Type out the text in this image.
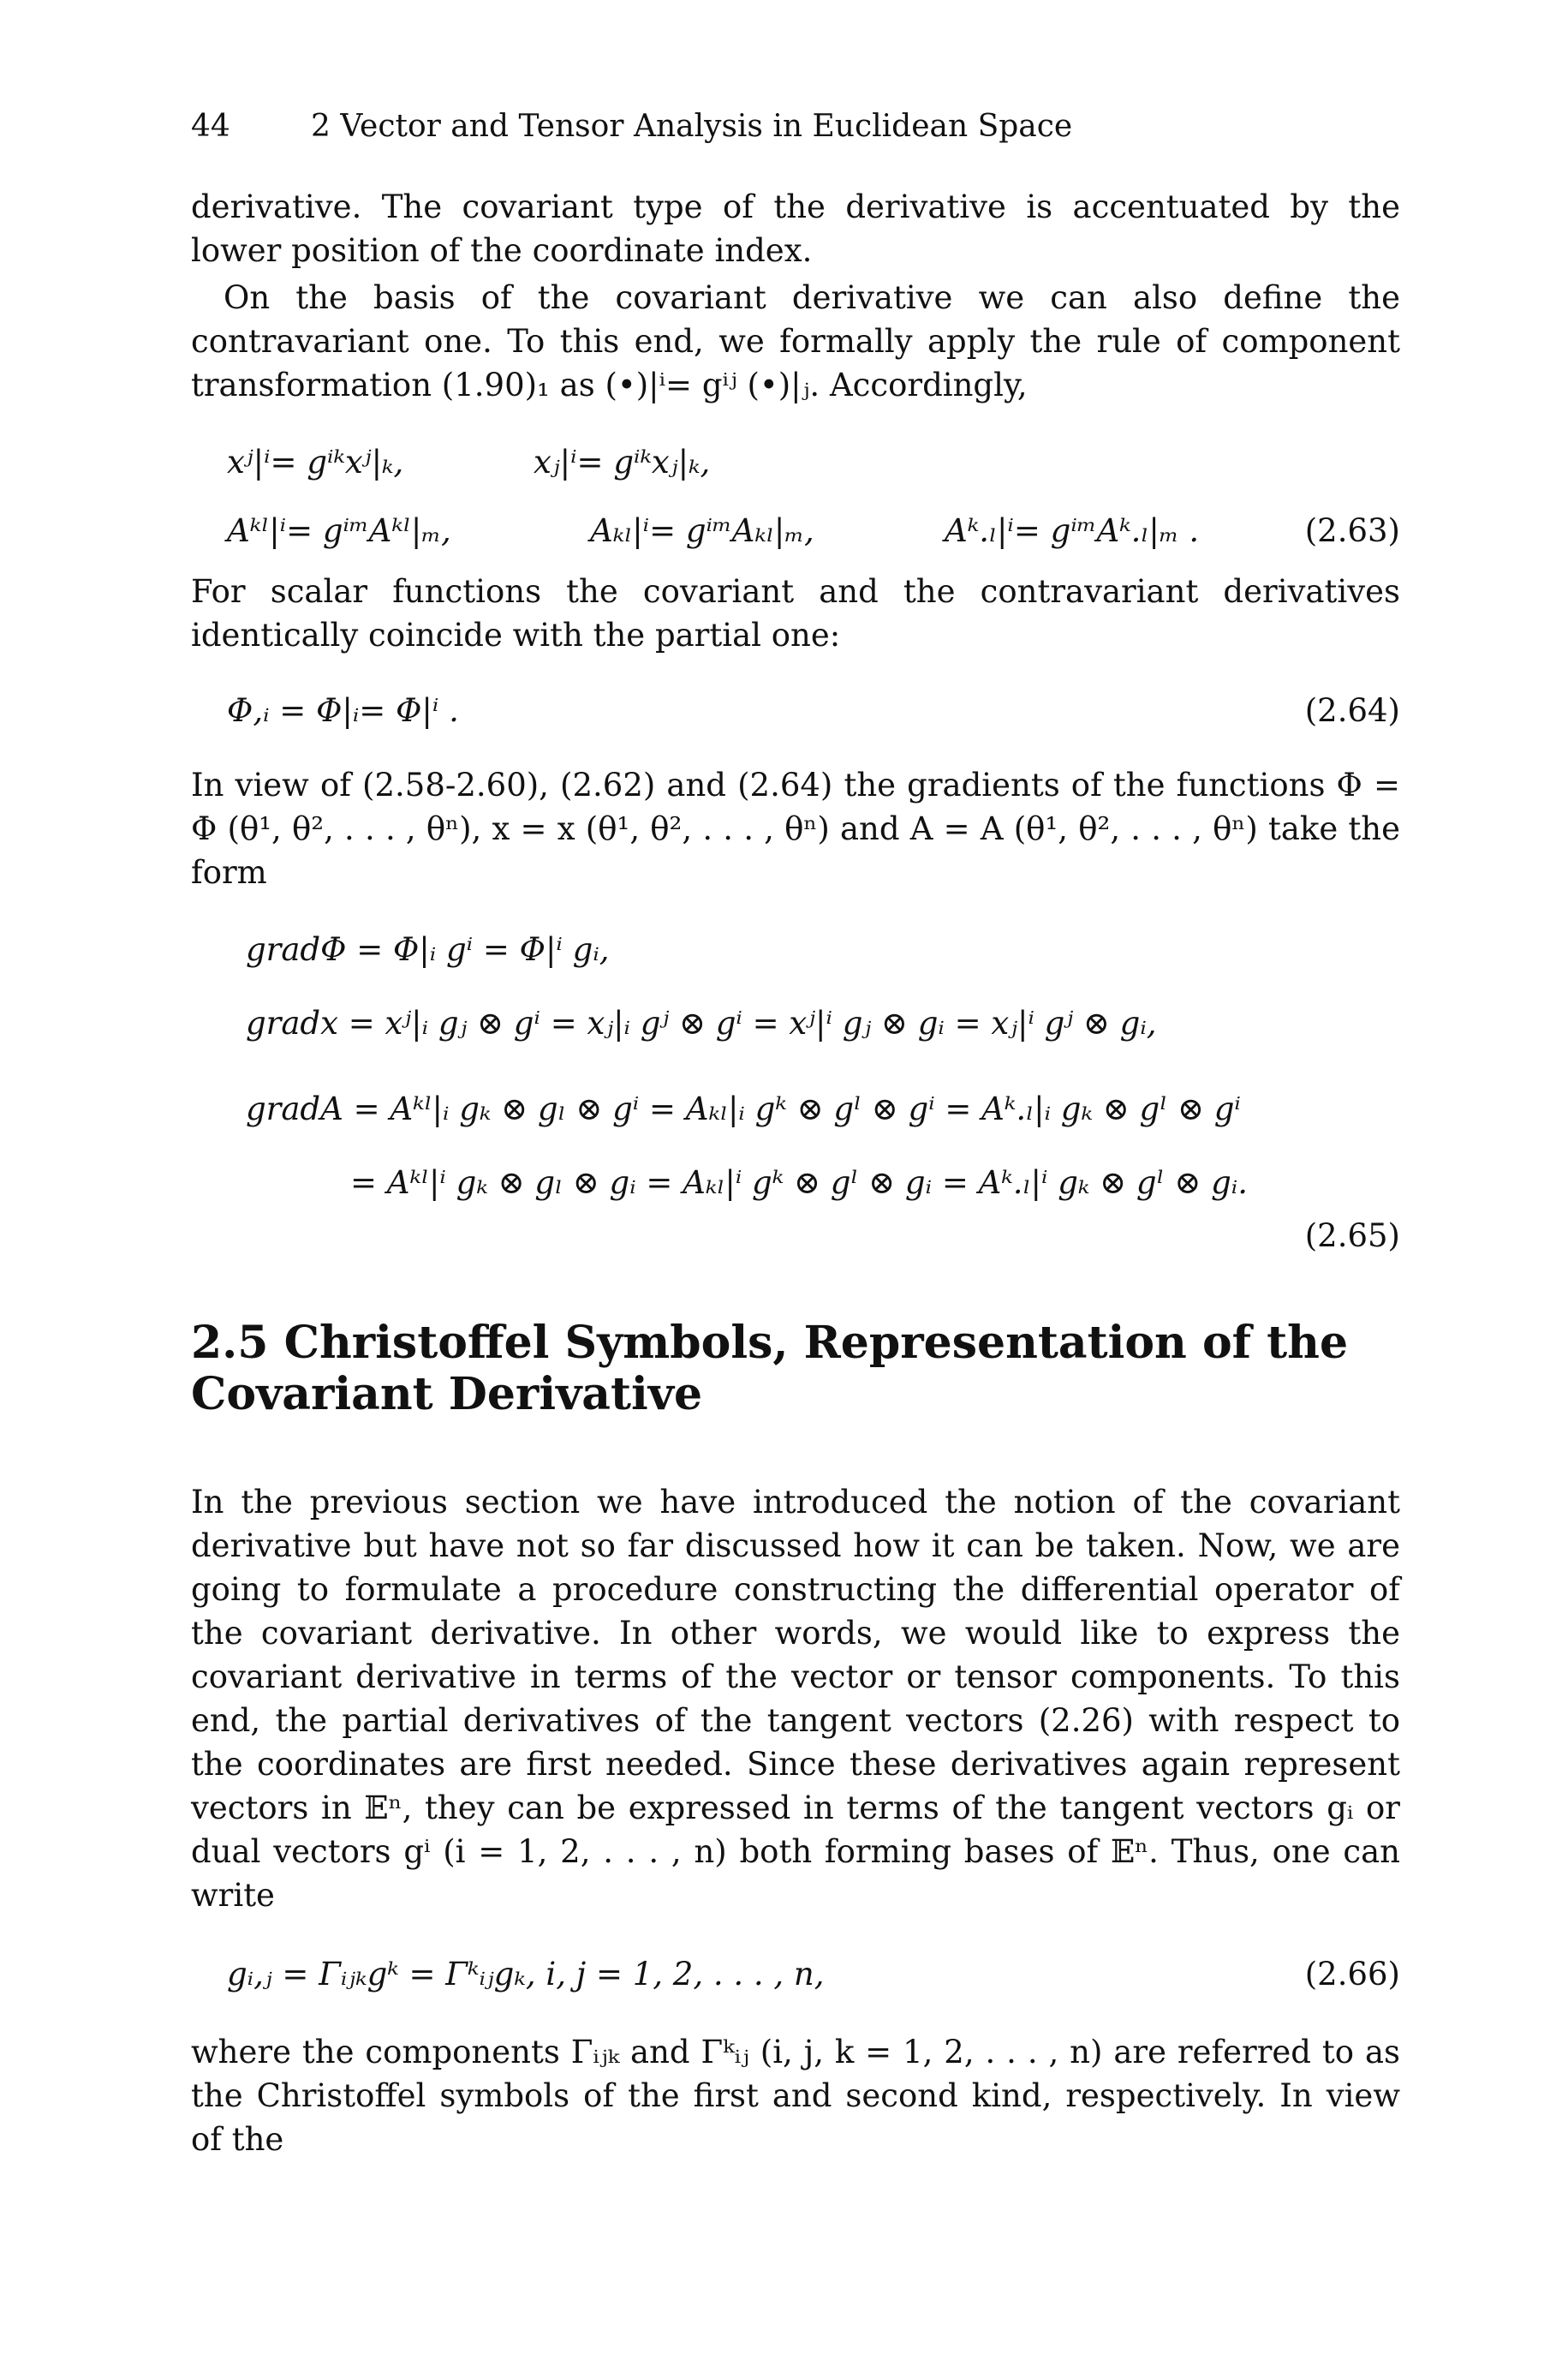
44	2 Vector and Tensor Analysis in Euclidean Space

derivative. The covariant type of the derivative is accentuated by the lower position of the coordinate index.

On the basis of the covariant derivative we can also define the contravariant one. To this end, we formally apply the rule of component transformation (1.90)₁ as (•)|ⁱ= gⁱʲ (•)|ⱼ. Accordingly,

xʲ|ⁱ= gⁱᵏxʲ|ₖ,	xⱼ|ⁱ= gⁱᵏxⱼ|ₖ,
Aᵏˡ|ⁱ= gⁱᵐAᵏˡ|ₘ,	Aₖₗ|ⁱ= gⁱᵐAₖₗ|ₘ,	Aᵏ.ₗ|ⁱ= gⁱᵐAᵏ.ₗ|ₘ .	(2.63)

For scalar functions the covariant and the contravariant derivatives identically coincide with the partial one:

Φ,ᵢ = Φ|ᵢ= Φ|ⁱ .	(2.64)

In view of (2.58-2.60), (2.62) and (2.64) the gradients of the functions Φ = Φ (θ¹, θ², . . . , θⁿ), x = x (θ¹, θ², . . . , θⁿ) and A = A (θ¹, θ², . . . , θⁿ) take the form

gradΦ = Φ|ᵢ gⁱ = Φ|ⁱ gᵢ,
gradx = xʲ|ᵢ gⱼ ⊗ gⁱ = xⱼ|ᵢ gʲ ⊗ gⁱ = xʲ|ⁱ gⱼ ⊗ gᵢ = xⱼ|ⁱ gʲ ⊗ gᵢ,
gradA = Aᵏˡ|ᵢ gₖ ⊗ gₗ ⊗ gⁱ = Aₖₗ|ᵢ gᵏ ⊗ gˡ ⊗ gⁱ = Aᵏ.ₗ|ᵢ gₖ ⊗ gˡ ⊗ gⁱ
= Aᵏˡ|ⁱ gₖ ⊗ gₗ ⊗ gᵢ = Aₖₗ|ⁱ gᵏ ⊗ gˡ ⊗ gᵢ = Aᵏ.ₗ|ⁱ gₖ ⊗ gˡ ⊗ gᵢ.
(2.65)
2.5 Christoffel Symbols, Representation of the Covariant Derivative

In the previous section we have introduced the notion of the covariant derivative but have not so far discussed how it can be taken. Now, we are going to formulate a procedure constructing the differential operator of the covariant derivative. In other words, we would like to express the covariant derivative in terms of the vector or tensor components. To this end, the partial derivatives of the tangent vectors (2.26) with respect to the coordinates are first needed. Since these derivatives again represent vectors in 𝔼ⁿ, they can be expressed in terms of the tangent vectors gᵢ or dual vectors gⁱ (i = 1, 2, . . . , n) both forming bases of 𝔼ⁿ. Thus, one can write

gᵢ,ⱼ = Γᵢⱼₖgᵏ = Γᵏᵢⱼgₖ, i, j = 1, 2, . . . , n,	(2.66)

where the components Γᵢⱼₖ and Γᵏᵢⱼ (i, j, k = 1, 2, . . . , n) are referred to as the Christoffel symbols of the first and second kind, respectively. In view of the
